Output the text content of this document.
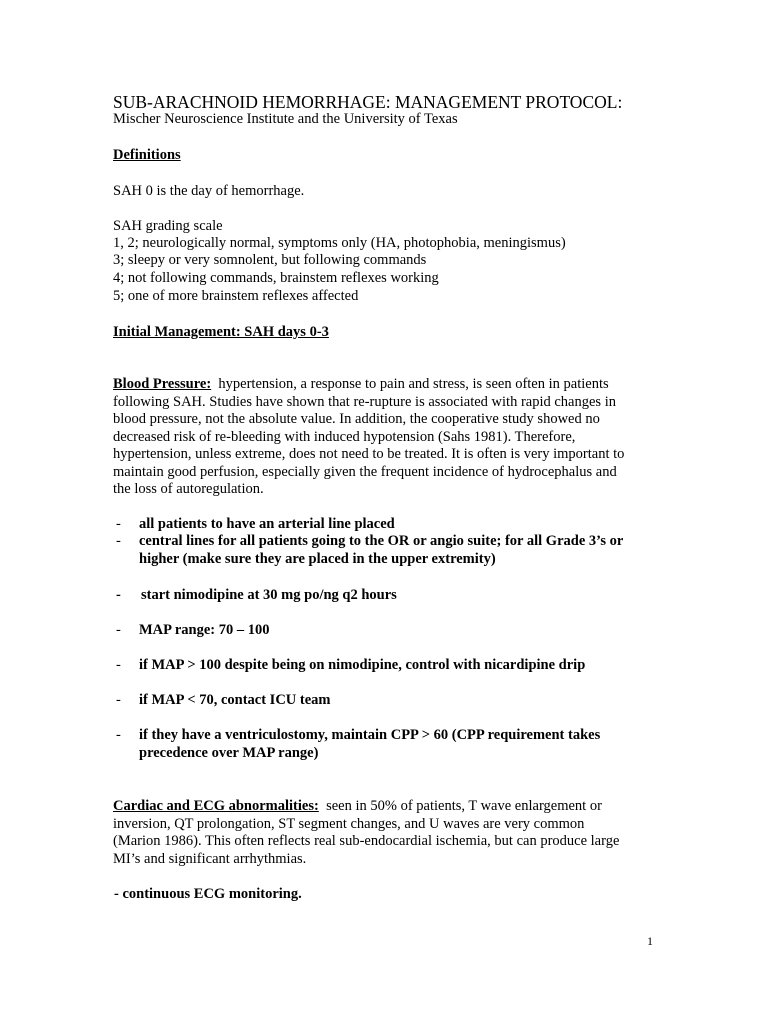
SUB-ARACHNOID HEMORRHAGE: MANAGEMENT PROTOCOL:
Mischer Neuroscience Institute and the University of Texas
Definitions
SAH 0 is the day of hemorrhage.
SAH grading scale
1, 2; neurologically normal, symptoms only (HA, photophobia, meningismus)
3; sleepy or very somnolent, but following commands
4; not following commands, brainstem reflexes working
5; one of more brainstem reflexes affected
Initial Management: SAH days 0-3

Blood Pressure: hypertension, a response to pain and stress, is seen often in patients

following SAH. Studies have shown that re-rupture is associated with rapid changes in

blood pressure, not the absolute value. In addition, the cooperative study showed no

decreased risk of re-bleeding with induced hypotension (Sahs 1981). Therefore,

hypertension, unless extreme, does not need to be treated. It is often is very important to

maintain good perfusion, especially given the frequent incidence of hydrocephalus and

the loss of autoregulation.

- all patients to have an arterial line placed

- central lines for all patients going to the OR or angio suite; for all Grade 3’s or

higher (make sure they are placed in the upper extremity)

- start nimodipine at 30 mg po/ng q2 hours

- MAP range: 70 – 100

- if MAP > 100 despite being on nimodipine, control with nicardipine drip

- if MAP < 70, contact ICU team

- if they have a ventriculostomy, maintain CPP > 60 (CPP requirement takes

precedence over MAP range)

Cardiac and ECG abnormalities: seen in 50% of patients, T wave enlargement or

inversion, QT prolongation, ST segment changes, and U waves are very common

(Marion 1986). This often reflects real sub-endocardial ischemia, but can produce large

MI’s and significant arrhythmias.

- continuous ECG monitoring.
1
